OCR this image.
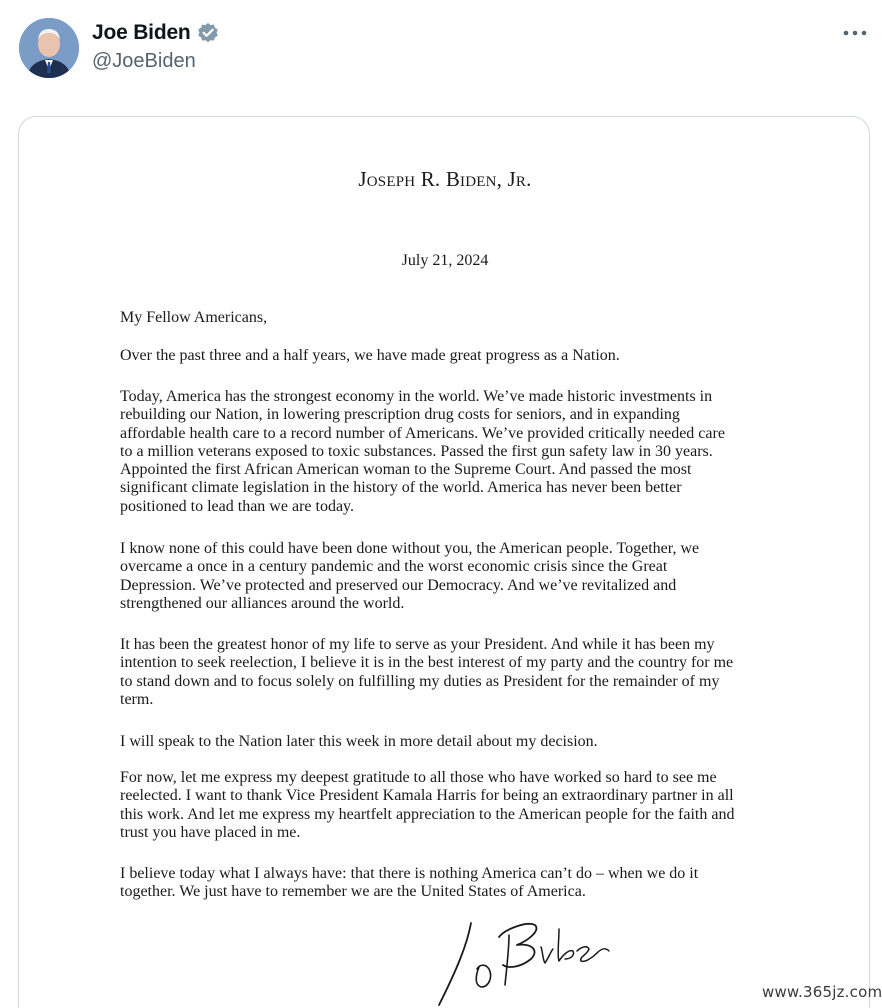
Joe Biden
@JoeBiden
Joseph R. Biden, Jr.
July 21, 2024
My Fellow Americans,
Over the past three and a half years, we have made great progress as a Nation.
Today, America has the strongest economy in the world. We’ve made historic investments in
rebuilding our Nation, in lowering prescription drug costs for seniors, and in expanding
affordable health care to a record number of Americans. We’ve provided critically needed care
to a million veterans exposed to toxic substances. Passed the first gun safety law in 30 years.
Appointed the first African American woman to the Supreme Court. And passed the most
significant climate legislation in the history of the world. America has never been better
positioned to lead than we are today.
I know none of this could have been done without you, the American people. Together, we
overcame a once in a century pandemic and the worst economic crisis since the Great
Depression. We’ve protected and preserved our Democracy. And we’ve revitalized and
strengthened our alliances around the world.
It has been the greatest honor of my life to serve as your President. And while it has been my
intention to seek reelection, I believe it is in the best interest of my party and the country for me
to stand down and to focus solely on fulfilling my duties as President for the remainder of my
term.
I will speak to the Nation later this week in more detail about my decision.
For now, let me express my deepest gratitude to all those who have worked so hard to see me
reelected. I want to thank Vice President Kamala Harris for being an extraordinary partner in all
this work. And let me express my heartfelt appreciation to the American people for the faith and
trust you have placed in me.
I believe today what I always have: that there is nothing America can’t do – when we do it
together. We just have to remember we are the United States of America.
www.365jz.com
